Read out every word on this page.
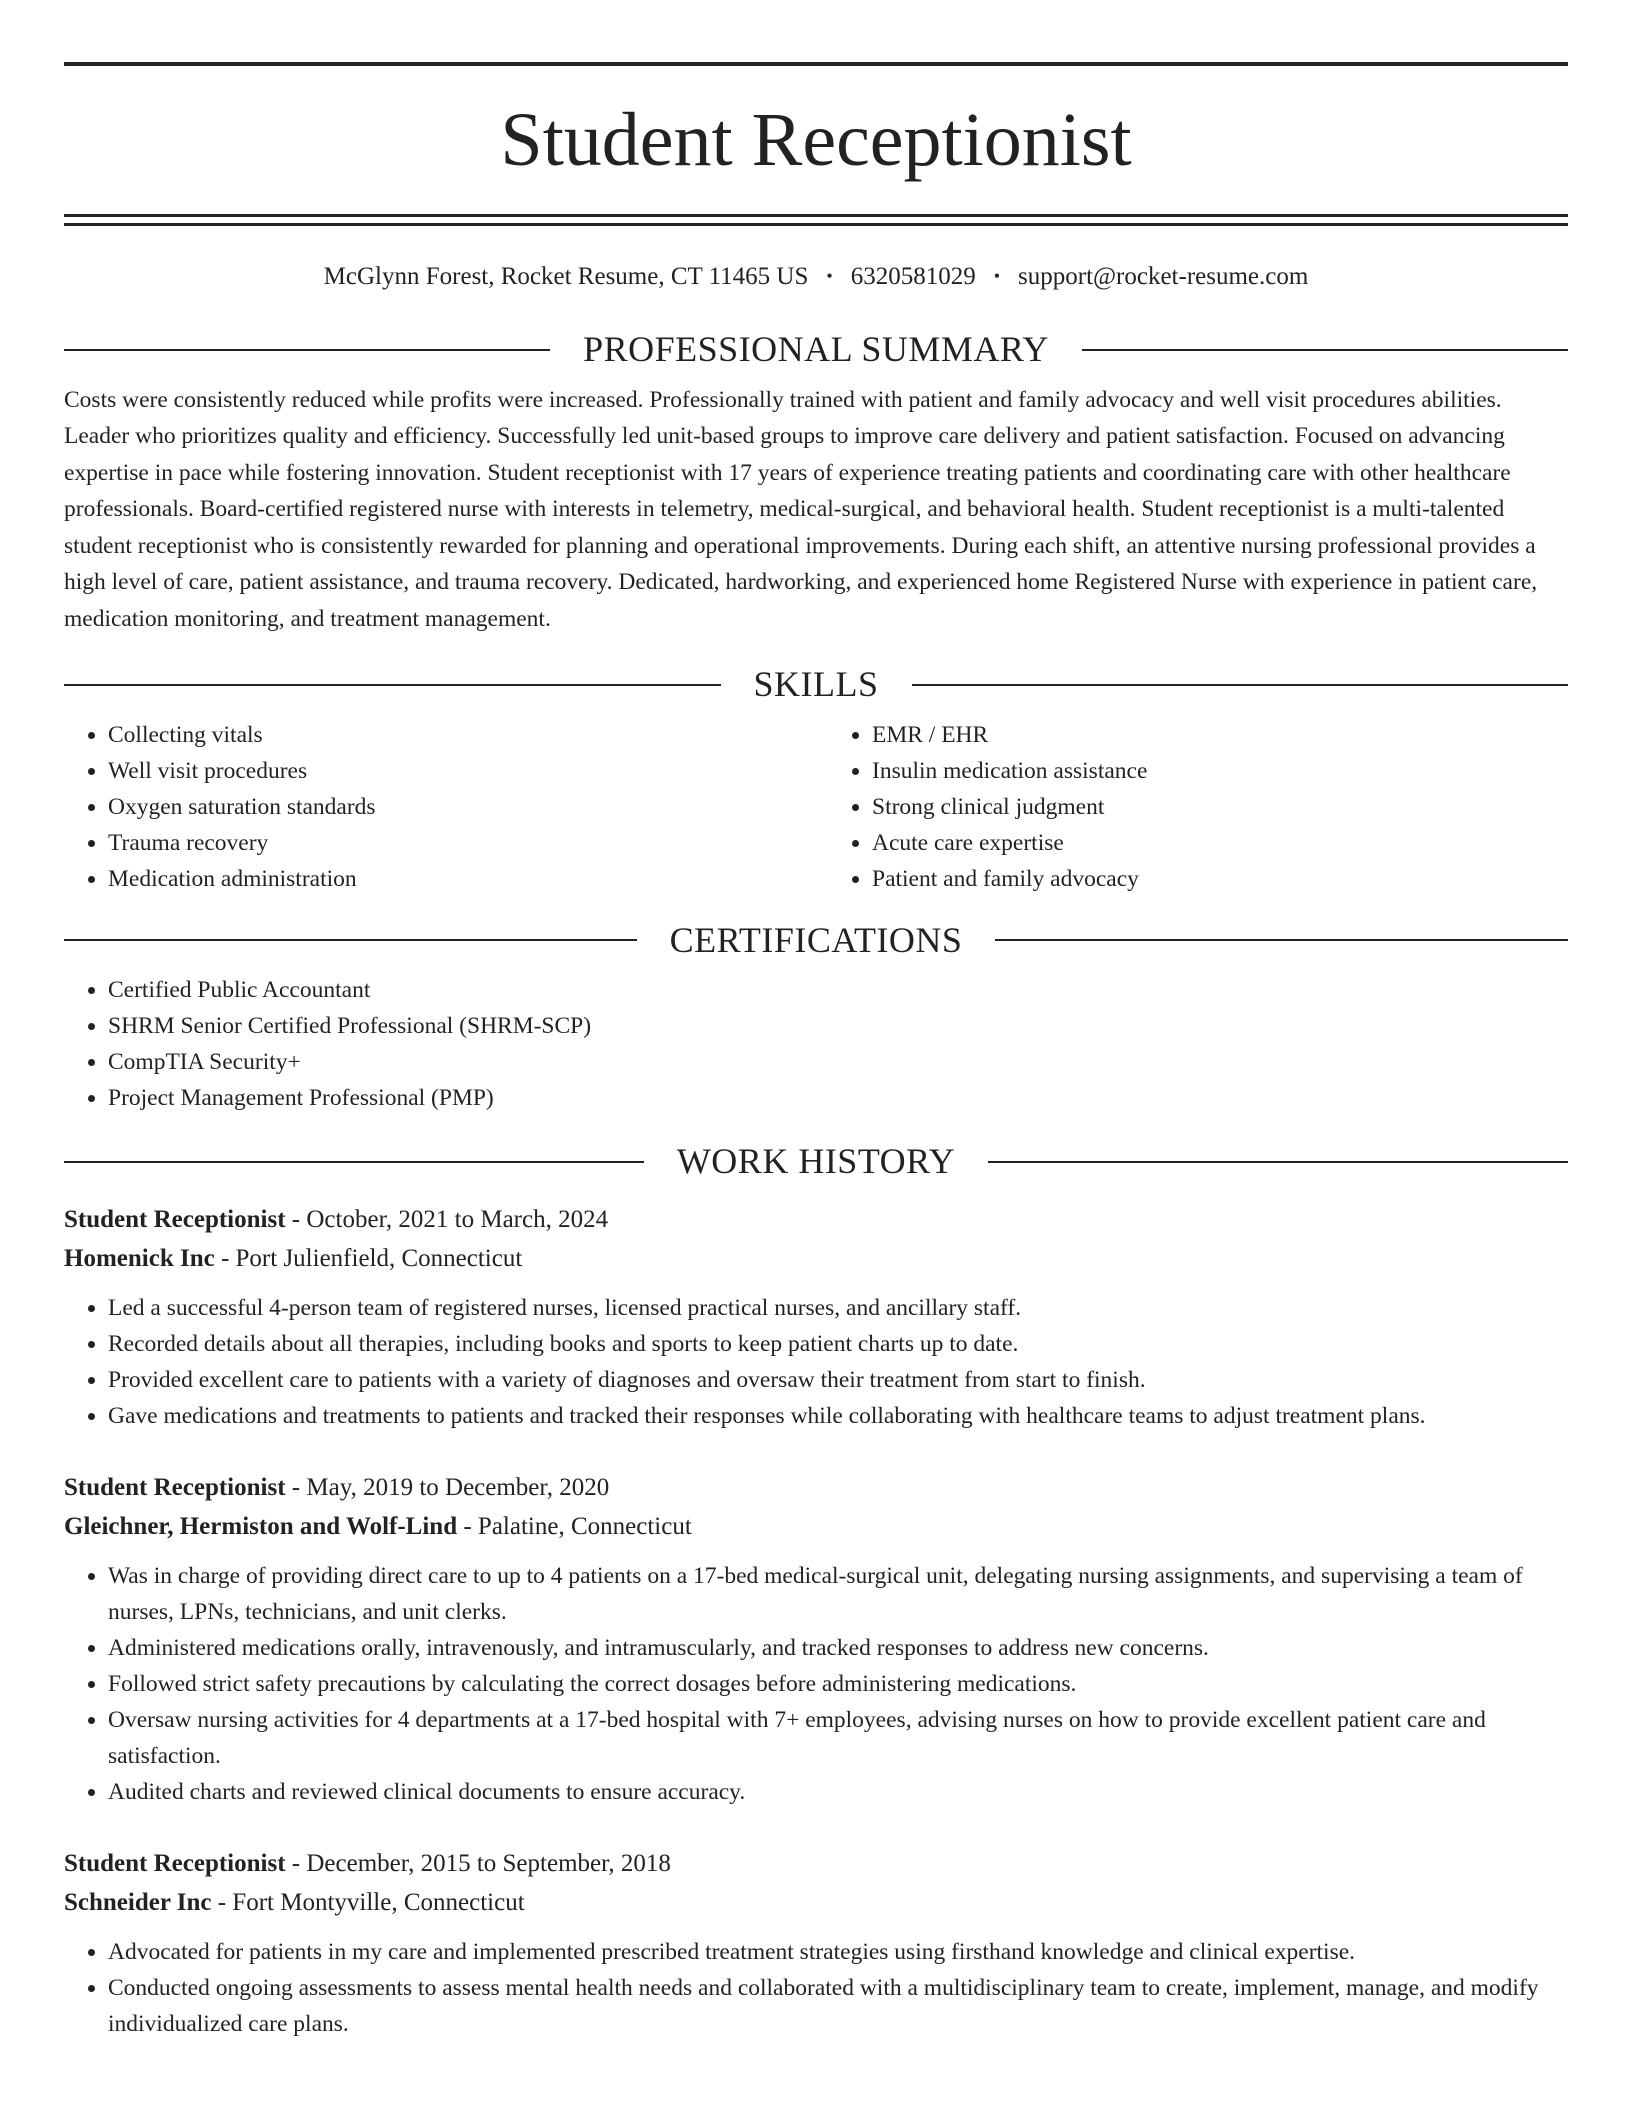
Student Receptionist
McGlynn Forest, Rocket Resume, CT 11465 US • 6320581029 • support@rocket-resume.com
PROFESSIONAL SUMMARY
Costs were consistently reduced while profits were increased. Professionally trained with patient and family advocacy and well visit procedures abilities. Leader who prioritizes quality and efficiency. Successfully led unit-based groups to improve care delivery and patient satisfaction. Focused on advancing expertise in pace while fostering innovation. Student receptionist with 17 years of experience treating patients and coordinating care with other healthcare professionals. Board-certified registered nurse with interests in telemetry, medical-surgical, and behavioral health. Student receptionist is a multi-talented student receptionist who is consistently rewarded for planning and operational improvements. During each shift, an attentive nursing professional provides a high level of care, patient assistance, and trauma recovery. Dedicated, hardworking, and experienced home Registered Nurse with experience in patient care, medication monitoring, and treatment management.
SKILLS
• Collecting vitals
• Well visit procedures
• Oxygen saturation standards
• Trauma recovery
• Medication administration
• EMR / EHR
• Insulin medication assistance
• Strong clinical judgment
• Acute care expertise
• Patient and family advocacy
CERTIFICATIONS
• Certified Public Accountant
• SHRM Senior Certified Professional (SHRM-SCP)
• CompTIA Security+
• Project Management Professional (PMP)
WORK HISTORY
Student Receptionist - October, 2021 to March, 2024
Homenick Inc - Port Julienfield, Connecticut
• Led a successful 4-person team of registered nurses, licensed practical nurses, and ancillary staff.
• Recorded details about all therapies, including books and sports to keep patient charts up to date.
• Provided excellent care to patients with a variety of diagnoses and oversaw their treatment from start to finish.
• Gave medications and treatments to patients and tracked their responses while collaborating with healthcare teams to adjust treatment plans.
Student Receptionist - May, 2019 to December, 2020
Gleichner, Hermiston and Wolf-Lind - Palatine, Connecticut
• Was in charge of providing direct care to up to 4 patients on a 17-bed medical-surgical unit, delegating nursing assignments, and supervising a team of nurses, LPNs, technicians, and unit clerks.
• Administered medications orally, intravenously, and intramuscularly, and tracked responses to address new concerns.
• Followed strict safety precautions by calculating the correct dosages before administering medications.
• Oversaw nursing activities for 4 departments at a 17-bed hospital with 7+ employees, advising nurses on how to provide excellent patient care and satisfaction.
• Audited charts and reviewed clinical documents to ensure accuracy.
Student Receptionist - December, 2015 to September, 2018
Schneider Inc - Fort Montyville, Connecticut
• Advocated for patients in my care and implemented prescribed treatment strategies using firsthand knowledge and clinical expertise.
• Conducted ongoing assessments to assess mental health needs and collaborated with a multidisciplinary team to create, implement, manage, and modify individualized care plans.
